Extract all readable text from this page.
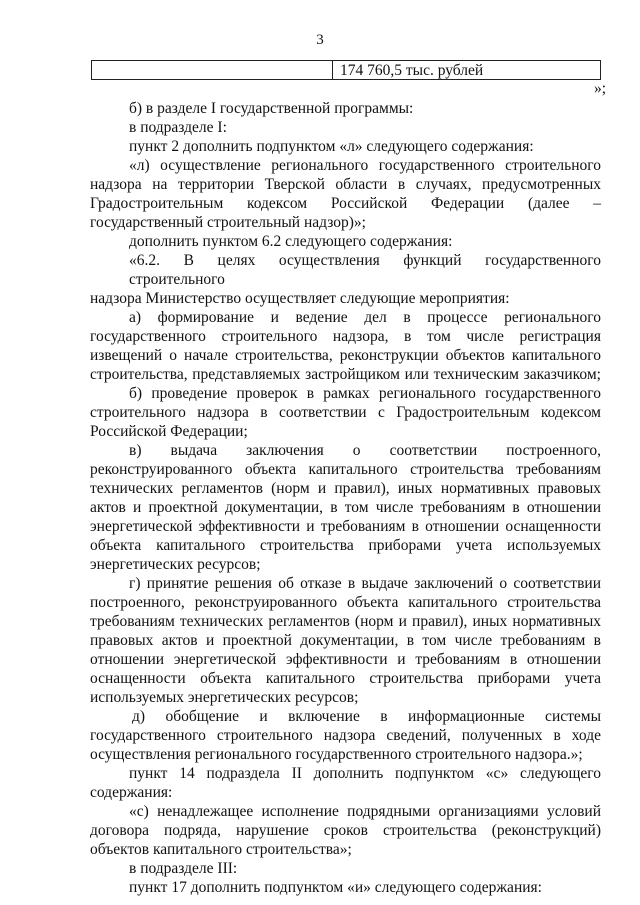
3
174 760,5 тыс. рублей
»;
б) в разделе I государственной программы:
в подразделе I:
пункт 2 дополнить подпунктом «л» следующего содержания:
«л) осуществление регионального государственного строительного
надзора на территории Тверской области в случаях, предусмотренных
Градостроительным кодексом Российской Федерации (далее –
государственный строительный надзор)»;
дополнить пунктом 6.2 следующего содержания:
«6.2. В целях осуществления функций государственного строительного
надзора Министерство осуществляет следующие мероприятия:
а) формирование и ведение дел в процессе регионального
государственного строительного надзора, в том числе регистрация
извещений о начале строительства, реконструкции объектов капитального
строительства, представляемых застройщиком или техническим заказчиком;
б) проведение проверок в рамках регионального государственного
строительного надзора в соответствии с Градостроительным кодексом
Российской Федерации;
в) выдача заключения о соответствии построенного,
реконструированного объекта капитального строительства требованиям
технических регламентов (норм и правил), иных нормативных правовых
актов и проектной документации, в том числе требованиям в отношении
энергетической эффективности и требованиям в отношении оснащенности
объекта капитального строительства приборами учета используемых
энергетических ресурсов;
г) принятие решения об отказе в выдаче заключений о соответствии
построенного, реконструированного объекта капитального строительства
требованиям технических регламентов (норм и правил), иных нормативных
правовых актов и проектной документации, в том числе требованиям в
отношении энергетической эффективности и требованиям в отношении
оснащенности объекта капитального строительства приборами учета
используемых энергетических ресурсов;
д) обобщение и включение в информационные системы
государственного строительного надзора сведений, полученных в ходе
осуществления регионального государственного строительного надзора.»;
пункт 14 подраздела II дополнить подпунктом «с» следующего
содержания:
«с) ненадлежащее исполнение подрядными организациями условий
договора подряда, нарушение сроков строительства (реконструкций)
объектов капитального строительства»;
в подразделе III:
пункт 17 дополнить подпунктом «и» следующего содержания:
